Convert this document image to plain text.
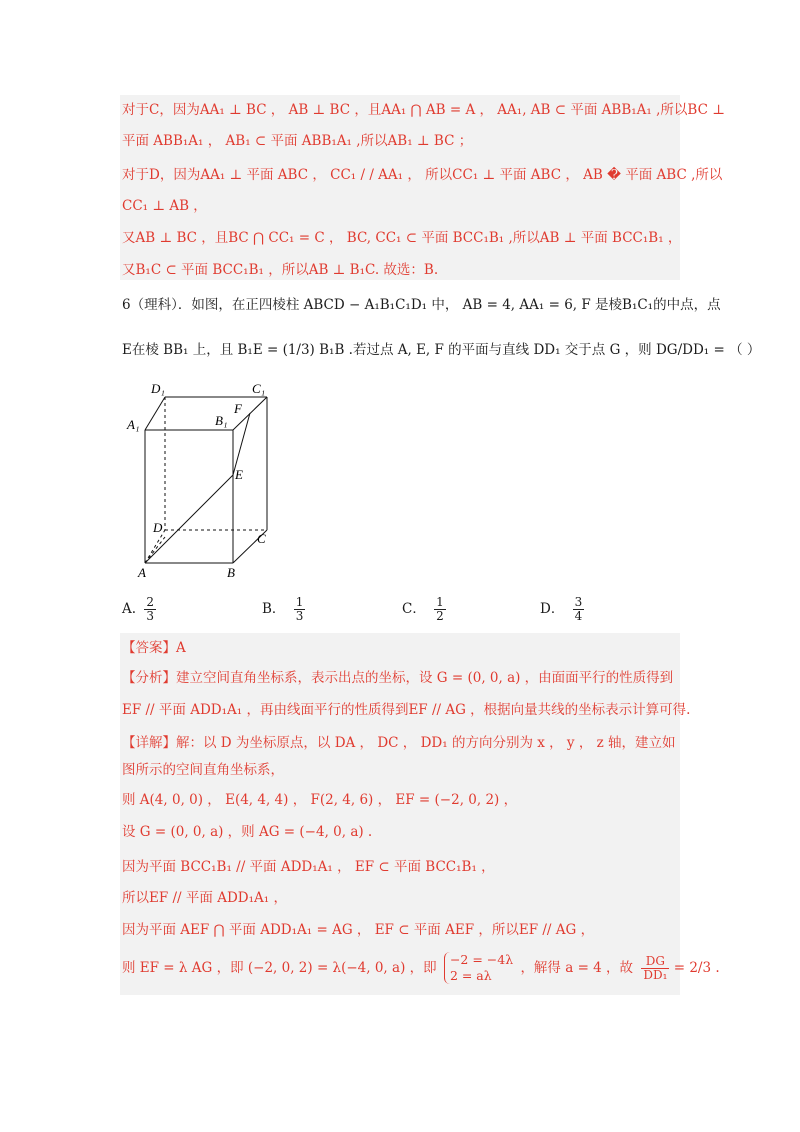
对于C，因为AA₁ ⊥ BC ， AB ⊥ BC ，且AA₁ ⋂ AB = A ， AA₁, AB ⊂ 平面 ABB₁A₁ ,所以BC ⊥
平面 ABB₁A₁ ， AB₁ ⊂ 平面 ABB₁A₁ ,所以AB₁ ⊥ BC ；
对于D，因为AA₁ ⊥ 平面 ABC ， CC₁ / / AA₁ ， 所以CC₁ ⊥ 平面 ABC ， AB � 平面 ABC ,所以
CC₁ ⊥ AB ，
又AB ⊥ BC ，且BC ⋂ CC₁ = C ， BC, CC₁ ⊂ 平面 BCC₁B₁ ,所以AB ⊥ 平面 BCC₁B₁ ，
又B₁C ⊂ 平面 BCC₁B₁ ，所以AB ⊥ B₁C. 故选：B.
6（理科）．如图，在正四棱柱 ABCD − A₁B₁C₁D₁ 中， AB = 4, AA₁ = 6, F 是棱B₁C₁的中点，点
E在棱 BB₁ 上，且 B₁E = (1/3) B₁B .若过点 A, E, F 的平面与直线 DD₁ 交于点 G ，则 DG/DD₁ = （ ）
D₁	C₁
A₁	B₁
F
E
D
C
A	B
A. $\frac{2}{3}$	B． $\frac{1}{3}$	C． $\frac{1}{2}$	D． $\frac{3}{4}$
【答案】A
【分析】建立空间直角坐标系，表示出点的坐标，设 G = (0, 0, a) ，由面面平行的性质得到
EF // 平面 ADD₁A₁ ，再由线面平行的性质得到EF // AG ，根据向量共线的坐标表示计算可得.
【详解】解：以 D 为坐标原点，以 DA ， DC ， DD₁ 的方向分别为 x ， y ， z 轴，建立如
图所示的空间直角坐标系，
则 A(4, 0, 0) ， E(4, 4, 4) ， F(2, 4, 6) ， EF = (−2, 0, 2) ，
设 G = (0, 0, a) ，则 AG = (−4, 0, a) .
因为平面 BCC₁B₁ // 平面 ADD₁A₁ ， EF ⊂ 平面 BCC₁B₁ ，
所以EF // 平面 ADD₁A₁ ，
因为平面 AEF ⋂ 平面 ADD₁A₁ = AG ， EF ⊂ 平面 AEF ，所以EF // AG ，
则 EF = λ AG ，即 (−2, 0, 2) = λ(−4, 0, a) ，即
−2 = −4λ
2 = aλ	，解得 a = 4 ，故 $\frac{DG}{\text{DD₁}} = 2/3$ .
